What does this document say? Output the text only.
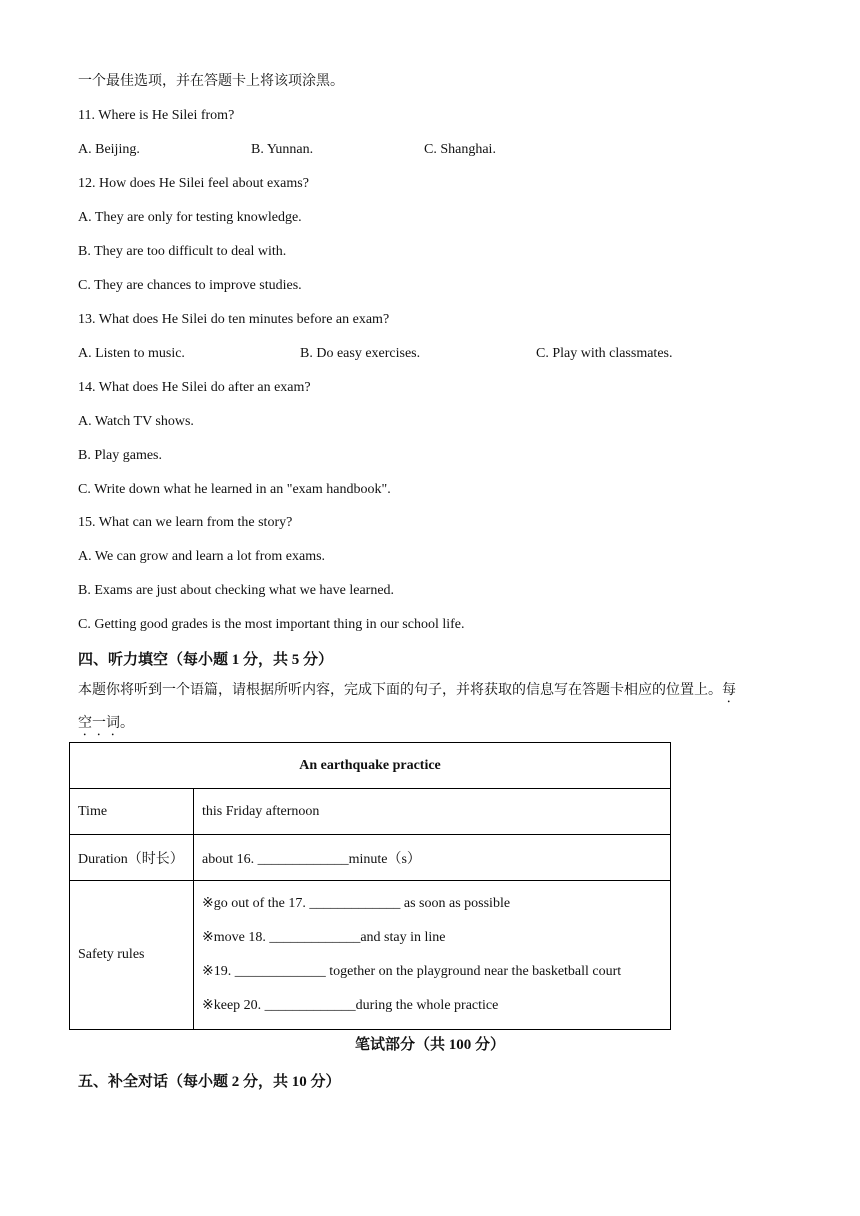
一个最佳选项，并在答题卡上将该项涂黑。
11. Where is He Silei from?
A. Beijing.	B. Yunnan.	C. Shanghai.
12. How does He Silei feel about exams?
A. They are only for testing knowledge.
B. They are too difficult to deal with.
C. They are chances to improve studies.
13. What does He Silei do ten minutes before an exam?
A. Listen to music.	B. Do easy exercises.	C. Play with classmates.
14. What does He Silei do after an exam?
A. Watch TV shows.
B. Play games.
C. Write down what he learned in an "exam handbook".
15. What can we learn from the story?
A. We can grow and learn a lot from exams.
B. Exams are just about checking what we have learned.
C. Getting good grades is the most important thing in our school life.
四、听力填空（每小题 1 分，共 5 分）
本题你将听到一个语篇，请根据所听内容，完成下面的句子，并将获取的信息写在答题卡相应的位置上。每
空一词。
An earthquake practice	
Time	this Friday afternoon
Duration（时长）	about 16. _____________minute（s）
Safety rules	※go out of the 17. _____________ as soon as possible
※move 18. _____________and stay in line
※19. _____________ together on the playground near the basketball court
※keep 20. _____________during the whole practice
笔试部分（共 100 分）
五、补全对话（每小题 2 分，共 10 分）
